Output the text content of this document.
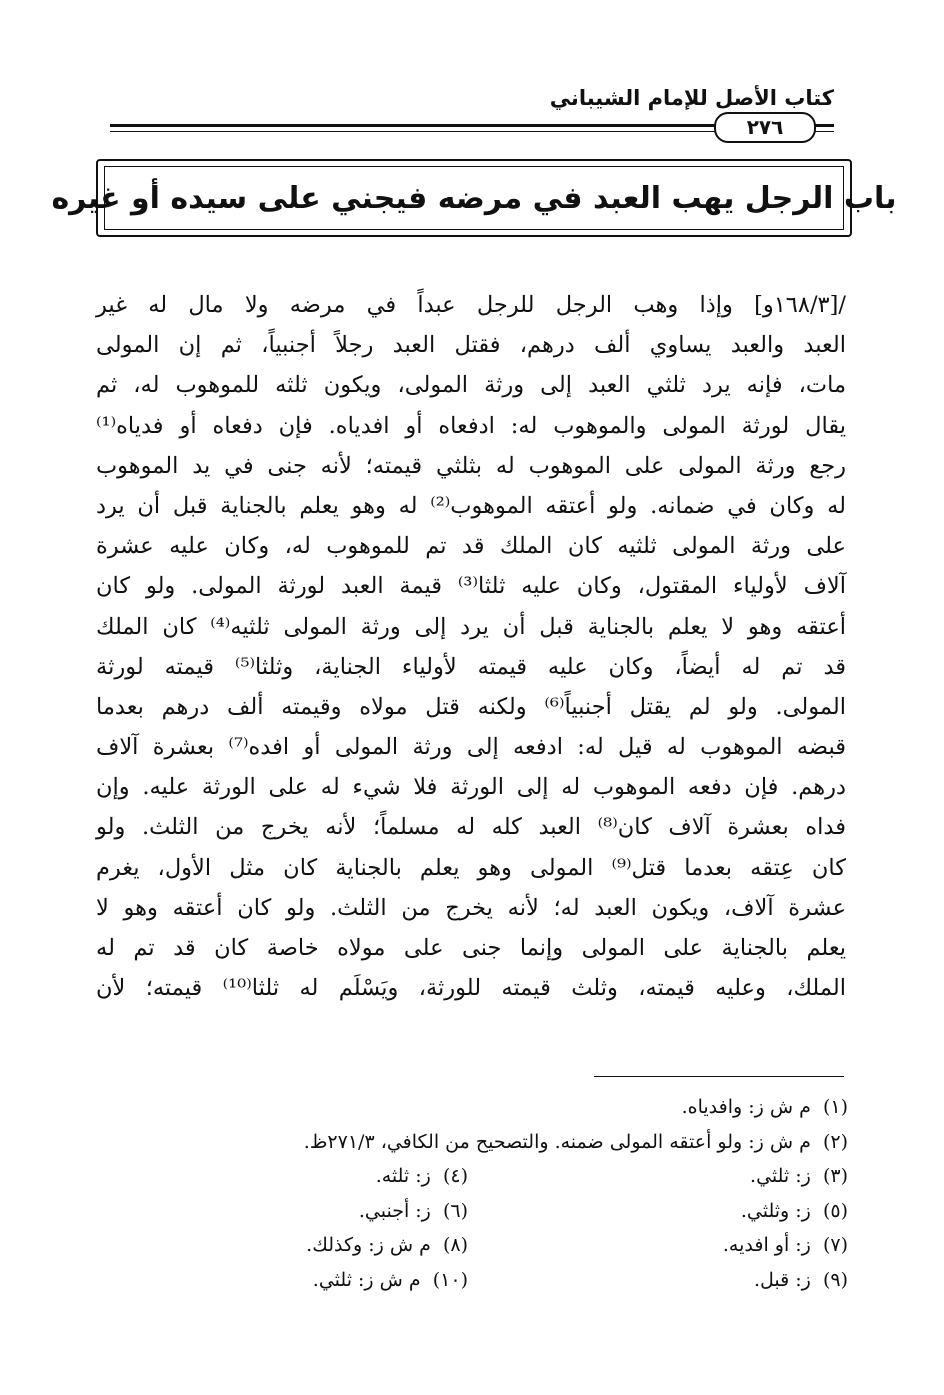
كتاب الأصل للإمام الشيباني
٢٧٦
باب الرجل يهب العبد في مرضه فيجني على سيده أو غيره
/[١٦٨/٣و] وإذا وهب الرجل للرجل عبداً في مرضه ولا مال له غير
العبد والعبد يساوي ألف درهم، فقتل العبد رجلاً أجنبياً، ثم إن المولى
مات، فإنه يرد ثلثي العبد إلى ورثة المولى، ويكون ثلثه للموهوب له، ثم
يقال لورثة المولى والموهوب له: ادفعاه أو افدياه. فإن دفعاه أو فدياه⁽¹⁾
رجع ورثة المولى على الموهوب له بثلثي قيمته؛ لأنه جنى في يد الموهوب
له وكان في ضمانه. ولو أعتقه الموهوب⁽²⁾ له وهو يعلم بالجناية قبل أن يرد
على ورثة المولى ثلثيه كان الملك قد تم للموهوب له، وكان عليه عشرة
آلاف لأولياء المقتول، وكان عليه ثلثا⁽³⁾ قيمة العبد لورثة المولى. ولو كان
أعتقه وهو لا يعلم بالجناية قبل أن يرد إلى ورثة المولى ثلثيه⁽⁴⁾ كان الملك
قد تم له أيضاً، وكان عليه قيمته لأولياء الجناية، وثلثا⁽⁵⁾ قيمته لورثة
المولى. ولو لم يقتل أجنبياً⁽⁶⁾ ولكنه قتل مولاه وقيمته ألف درهم بعدما
قبضه الموهوب له قيل له: ادفعه إلى ورثة المولى أو افده⁽⁷⁾ بعشرة آلاف
درهم. فإن دفعه الموهوب له إلى الورثة فلا شيء له على الورثة عليه. وإن
فداه بعشرة آلاف كان⁽⁸⁾ العبد كله له مسلماً؛ لأنه يخرج من الثلث. ولو
كان عِتقه بعدما قتل⁽⁹⁾ المولى وهو يعلم بالجناية كان مثل الأول، يغرم
عشرة آلاف، ويكون العبد له؛ لأنه يخرج من الثلث. ولو كان أعتقه وهو لا
يعلم بالجناية على المولى وإنما جنى على مولاه خاصة كان قد تم له
الملك، وعليه قيمته، وثلث قيمته للورثة، ويَسْلَم له ثلثا⁽¹⁰⁾ قيمته؛ لأن
(١)  م ش ز: وافدياه.
(٢)  م ش ز: ولو أعتقه المولى ضمنه. والتصحيح من الكافي، ٢٧١/٣ظ.
(٣)  ز: ثلثي.
(٤)  ز: ثلثه.
(٥)  ز: وثلثي.
(٦)  ز: أجنبي.
(٧)  ز: أو افديه.
(٨)  م ش ز: وكذلك.
(٩)  ز: قبل.
(١٠)  م ش ز: ثلثي.
